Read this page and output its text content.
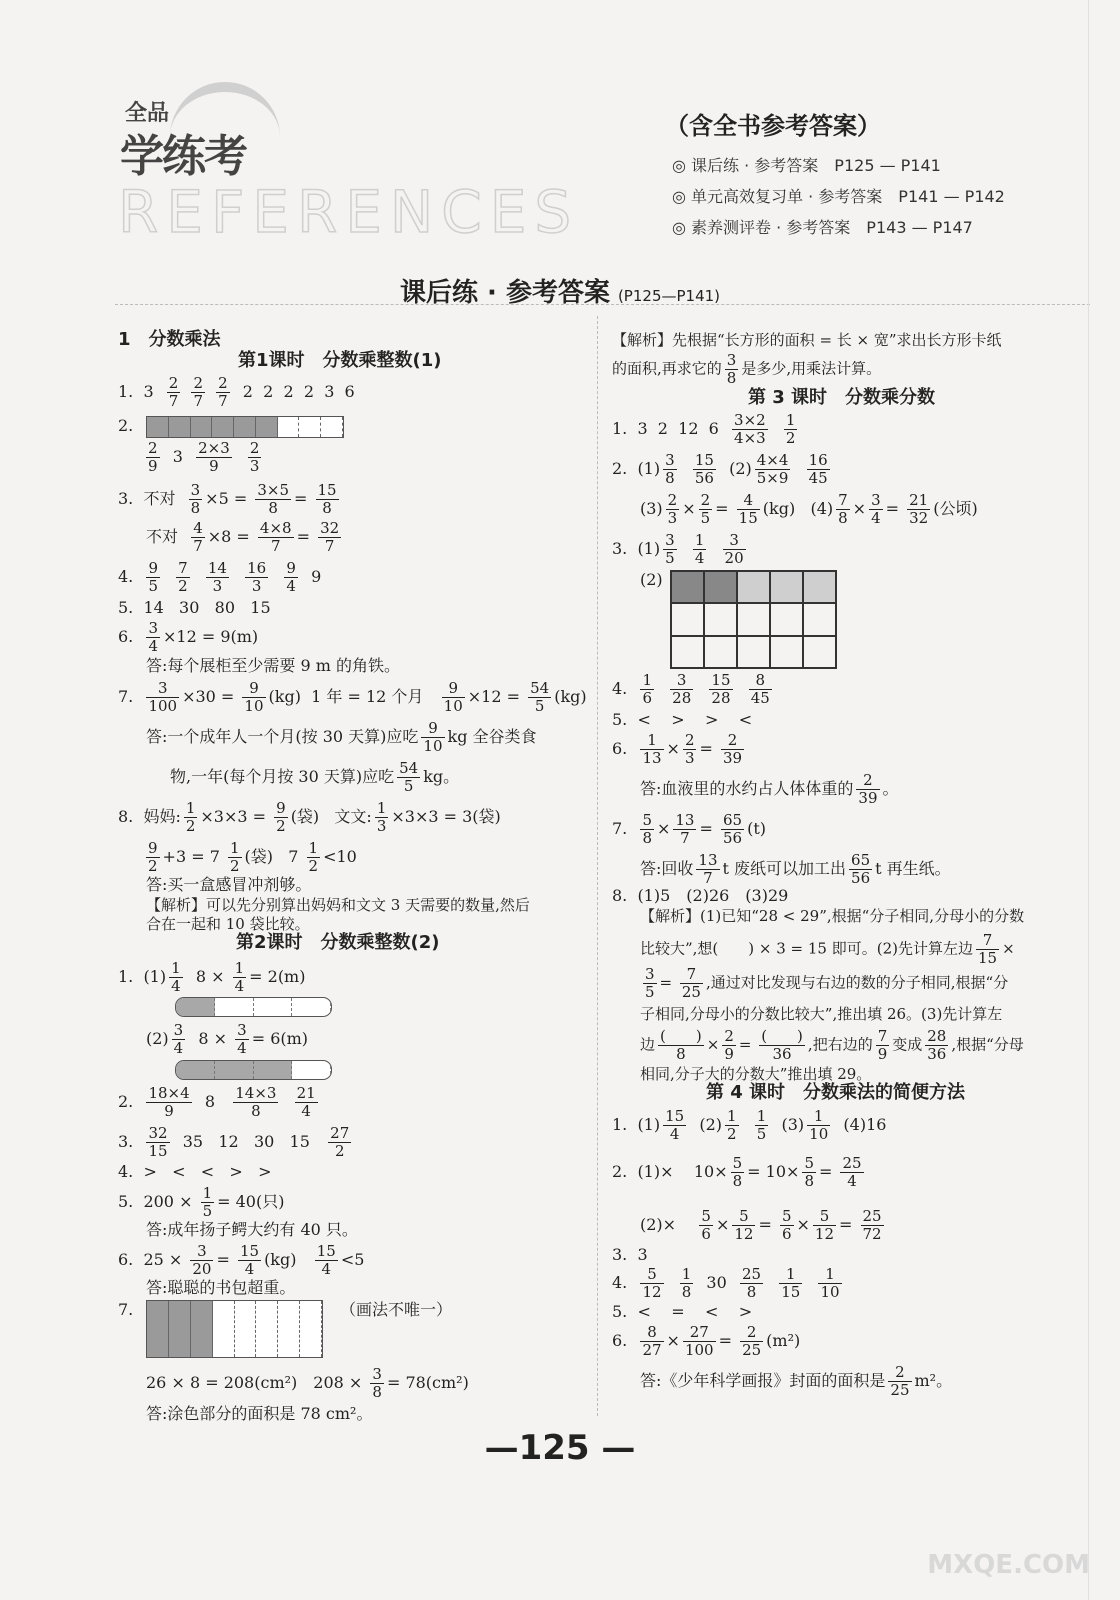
全品
学练考
REFERENCES
（含全书参考答案）
◎ 课后练 · 参考答案　P125 — P141
◎ 单元高效复习单 · 参考答案　P141 — P142
◎ 素养测评卷 · 参考答案　P143 — P147
课后练 · 参考答案 (P125—P141)
1　分数乘法
第1课时　分数乘整数(1)
1.  $3 \frac{2}{7}$
$\frac{2}{7}$
$\frac{2}{7} 2$  2  2  2  3  6
2.
$\frac{2}{9} 3 \frac{2\times 3}{9}$
$\frac{2}{3}$
3.  不对 $\frac{3}{8} \times 5 = \frac{3\times 5}{8} = \frac{15}{8}$
不对 $\frac{4}{7} \times 8 = \frac{4\times 8}{7} = \frac{32}{7}$
4. $\frac{9}{5}$
$\frac{7}{2}$
$\frac{14}{3}$
$\frac{16}{3}$
$\frac{9}{4} 9$
5.  14   30   80   15
6. $\frac{3}{4} \times 12 = 9(m)$
答:每个展柜至少需要 9 m 的角铁。
7. $\frac{3}{100} \times 30 = \frac{9}{10} (kg)$  1 年 = 12 个月 $\frac{9}{10} \times 12 = \frac{54}{5} (kg)$
答:一个成年人一个月(按 30 天算)应吃 $\frac{9}{10}$ kg 全谷类食
物,一年(每个月按 30 天算)应吃 $\frac{54}{5}$ kg。
8.  妈妈: $\frac{1}{2} \times 3\times 3 = \frac{9}{2}$ (袋)   文文: $\frac{1}{3} \times 3\times 3 = 3$(袋)
$\frac{9}{2} +3 = 7 \frac{1}{2}$ (袋)   $7 \frac{1}{2} <10$
答:买一盒感冒冲剂够。
【解析】可以先分别算出妈妈和文文 3 天需要的数量,然后
合在一起和 10 袋比较。
第2课时　分数乘整数(2)
1.  $(1) \frac{1}{4} 8 \times \frac{1}{4} = 2(m)$
$(2) \frac{3}{4} 8 \times \frac{3}{4} = 6(m)$
2. $\frac{18\times 4}{9} 8 \frac{14\times 3}{8}$
$\frac{21}{4}$
3. $\frac{32}{15} 35$   12   30   $15 \frac{27}{2}$
4.  >   <   <   >   >
5.  $200 \times \frac{1}{5} = 40$(只)
答:成年扬子鳄大约有 40 只。
6.  $25 \times \frac{3}{20} = \frac{15}{4} (kg) \frac{15}{4} <5$
答:聪聪的书包超重。
7.	（画法不唯一）
26 × 8 = 208(cm²)　$208 \times \frac{3}{8} = 78(cm^2)$
答:涂色部分的面积是 78 cm²。
【解析】先根据“长方形的面积 = 长 × 宽”求出长方形卡纸
的面积,再求它的 $\frac{3}{8}$ 是多少,用乘法计算。
第 3 课时　分数乘分数
1.  3  2  12  $6 \frac{3\times 2}{4\times 3}$
$\frac{1}{2}$
2.  $(1) \frac{3}{8}$
$\frac{15}{56} (2) \frac{4\times 4}{5\times 9}$
$\frac{16}{45}$
$(3) \frac{2}{3} \times \frac{2}{5} = \frac{4}{15} (kg)$   $(4) \frac{7}{8} \times \frac{3}{4} = \frac{21}{32}$ (公顷)
3.  $(1) \frac{3}{5}$
$\frac{1}{4}$
$\frac{3}{20}$
(2)
4. $\frac{1}{6}$
$\frac{3}{28}$
$\frac{15}{28}$
$\frac{8}{45}$
5.  <    >    >    <
6. $\frac{1}{13} \times \frac{2}{3} = \frac{2}{39}$
答:血液里的水约占人体体重的 $\frac{2}{39}$ 。
7. $\frac{5}{8} \times \frac{13}{7} = \frac{65}{56} (t)$
答:回收 $\frac{13}{7}$ t 废纸可以加工出 $\frac{65}{56}$ t 再生纸。
8.  (1)5　(2)26　(3)29
【解析】(1)已知“28 < 29”,根据“分子相同,分母小的分数
比较大”,想(　　) × 3 = 15 即可。(2)先计算左边 $\frac{7}{15}$ ×
$\frac{3}{5} = \frac{7}{25}$ ,通过对比发现与右边的数的分子相同,根据“分
子相同,分母小的分数比较大”,推出填 26。(3)先计算左
边 (　　)
8
× $\frac{2}{9}$ = (　　)
36
,把右边的 $\frac{7}{9}$ 变成 $\frac{28}{36}$ ,根据“分母
相同,分子大的分数大”推出填 29。
第 4 课时　分数乘法的简便方法
1.  $(1) \frac{15}{4} (2) \frac{1}{2}$
$\frac{1}{5} (3) \frac{1}{10} (4)16$
2.  (1)×    $10\times \frac{5}{8} = 10\times \frac{5}{8} = \frac{25}{4}$
$(2)\times \frac{5}{6} \times \frac{5}{12} = \frac{5}{6} \times \frac{5}{12} = \frac{25}{72}$
3.  3
4. $\frac{5}{12}$
$\frac{1}{8} 30 \frac{25}{8}$
$\frac{1}{15}$
$\frac{1}{10}$
5.  <    =    <    >
6. $\frac{8}{27} \times \frac{27}{100} = \frac{2}{25} (m^2)$
答:《少年科学画报》封面的面积是 $\frac{2}{25} m^2$。
—125 —
MXQE.COM
